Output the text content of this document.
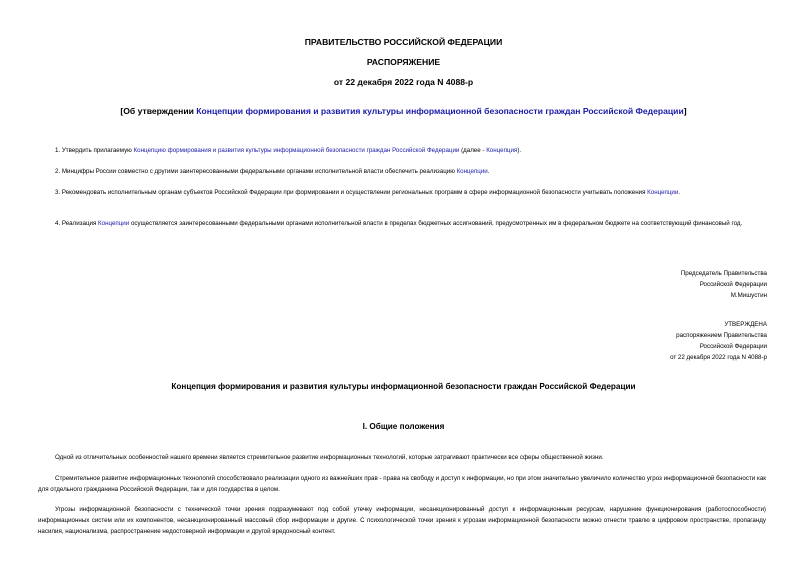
ПРАВИТЕЛЬСТВО РОССИЙСКОЙ ФЕДЕРАЦИИ
РАСПОРЯЖЕНИЕ
от 22 декабря 2022 года N 4088-р
[Об утверждении Концепции формирования и развития культуры информационной безопасности граждан Российской Федерации]
1. Утвердить прилагаемую Концепцию формирования и развития культуры информационной безопасности граждан Российской Федерации (далее - Концепция).
2. Минцифры России совместно с другими заинтересованными федеральными органами исполнительной власти обеспечить реализацию Концепции.
3. Рекомендовать исполнительным органам субъектов Российской Федерации при формировании и осуществлении региональных программ в сфере информационной безопасности учитывать положения Концепции.
4. Реализация Концепции осуществляется заинтересованными федеральными органами исполнительной власти в пределах бюджетных ассигнований, предусмотренных им в федеральном бюджете на соответствующий финансовый год.
Председатель Правительства
Российской Федерации
М.Мишустин
УТВЕРЖДЕНА
распоряжением Правительства
Российской Федерации
от 22 декабря 2022 года N 4088-р
Концепция формирования и развития культуры информационной безопасности граждан Российской Федерации
I. Общие положения
Одной из отличительных особенностей нашего времени является стремительное развитие информационных технологий, которые затрагивают практически все сферы общественной жизни.
Стремительное развитие информационных технологий способствовало реализации одного из важнейших прав - права на свободу и доступ к информации, но при этом значительно увеличило количество угроз информационной безопасности как для отдельного гражданина Российской Федерации, так и для государства в целом.
Угрозы информационной безопасности с технической точки зрения подразумевают под собой утечку информации, несанкционированный доступ к информационным ресурсам, нарушение функционирования (работоспособности) информационных систем или их компонентов, несанкционированный массовый сбор информации и другие. С психологической точки зрения к угрозам информационной безопасности можно отнести травлю в цифровом пространстве, пропаганду насилия, национализма, распространение недостоверной информации и другой вредоносный контент.
